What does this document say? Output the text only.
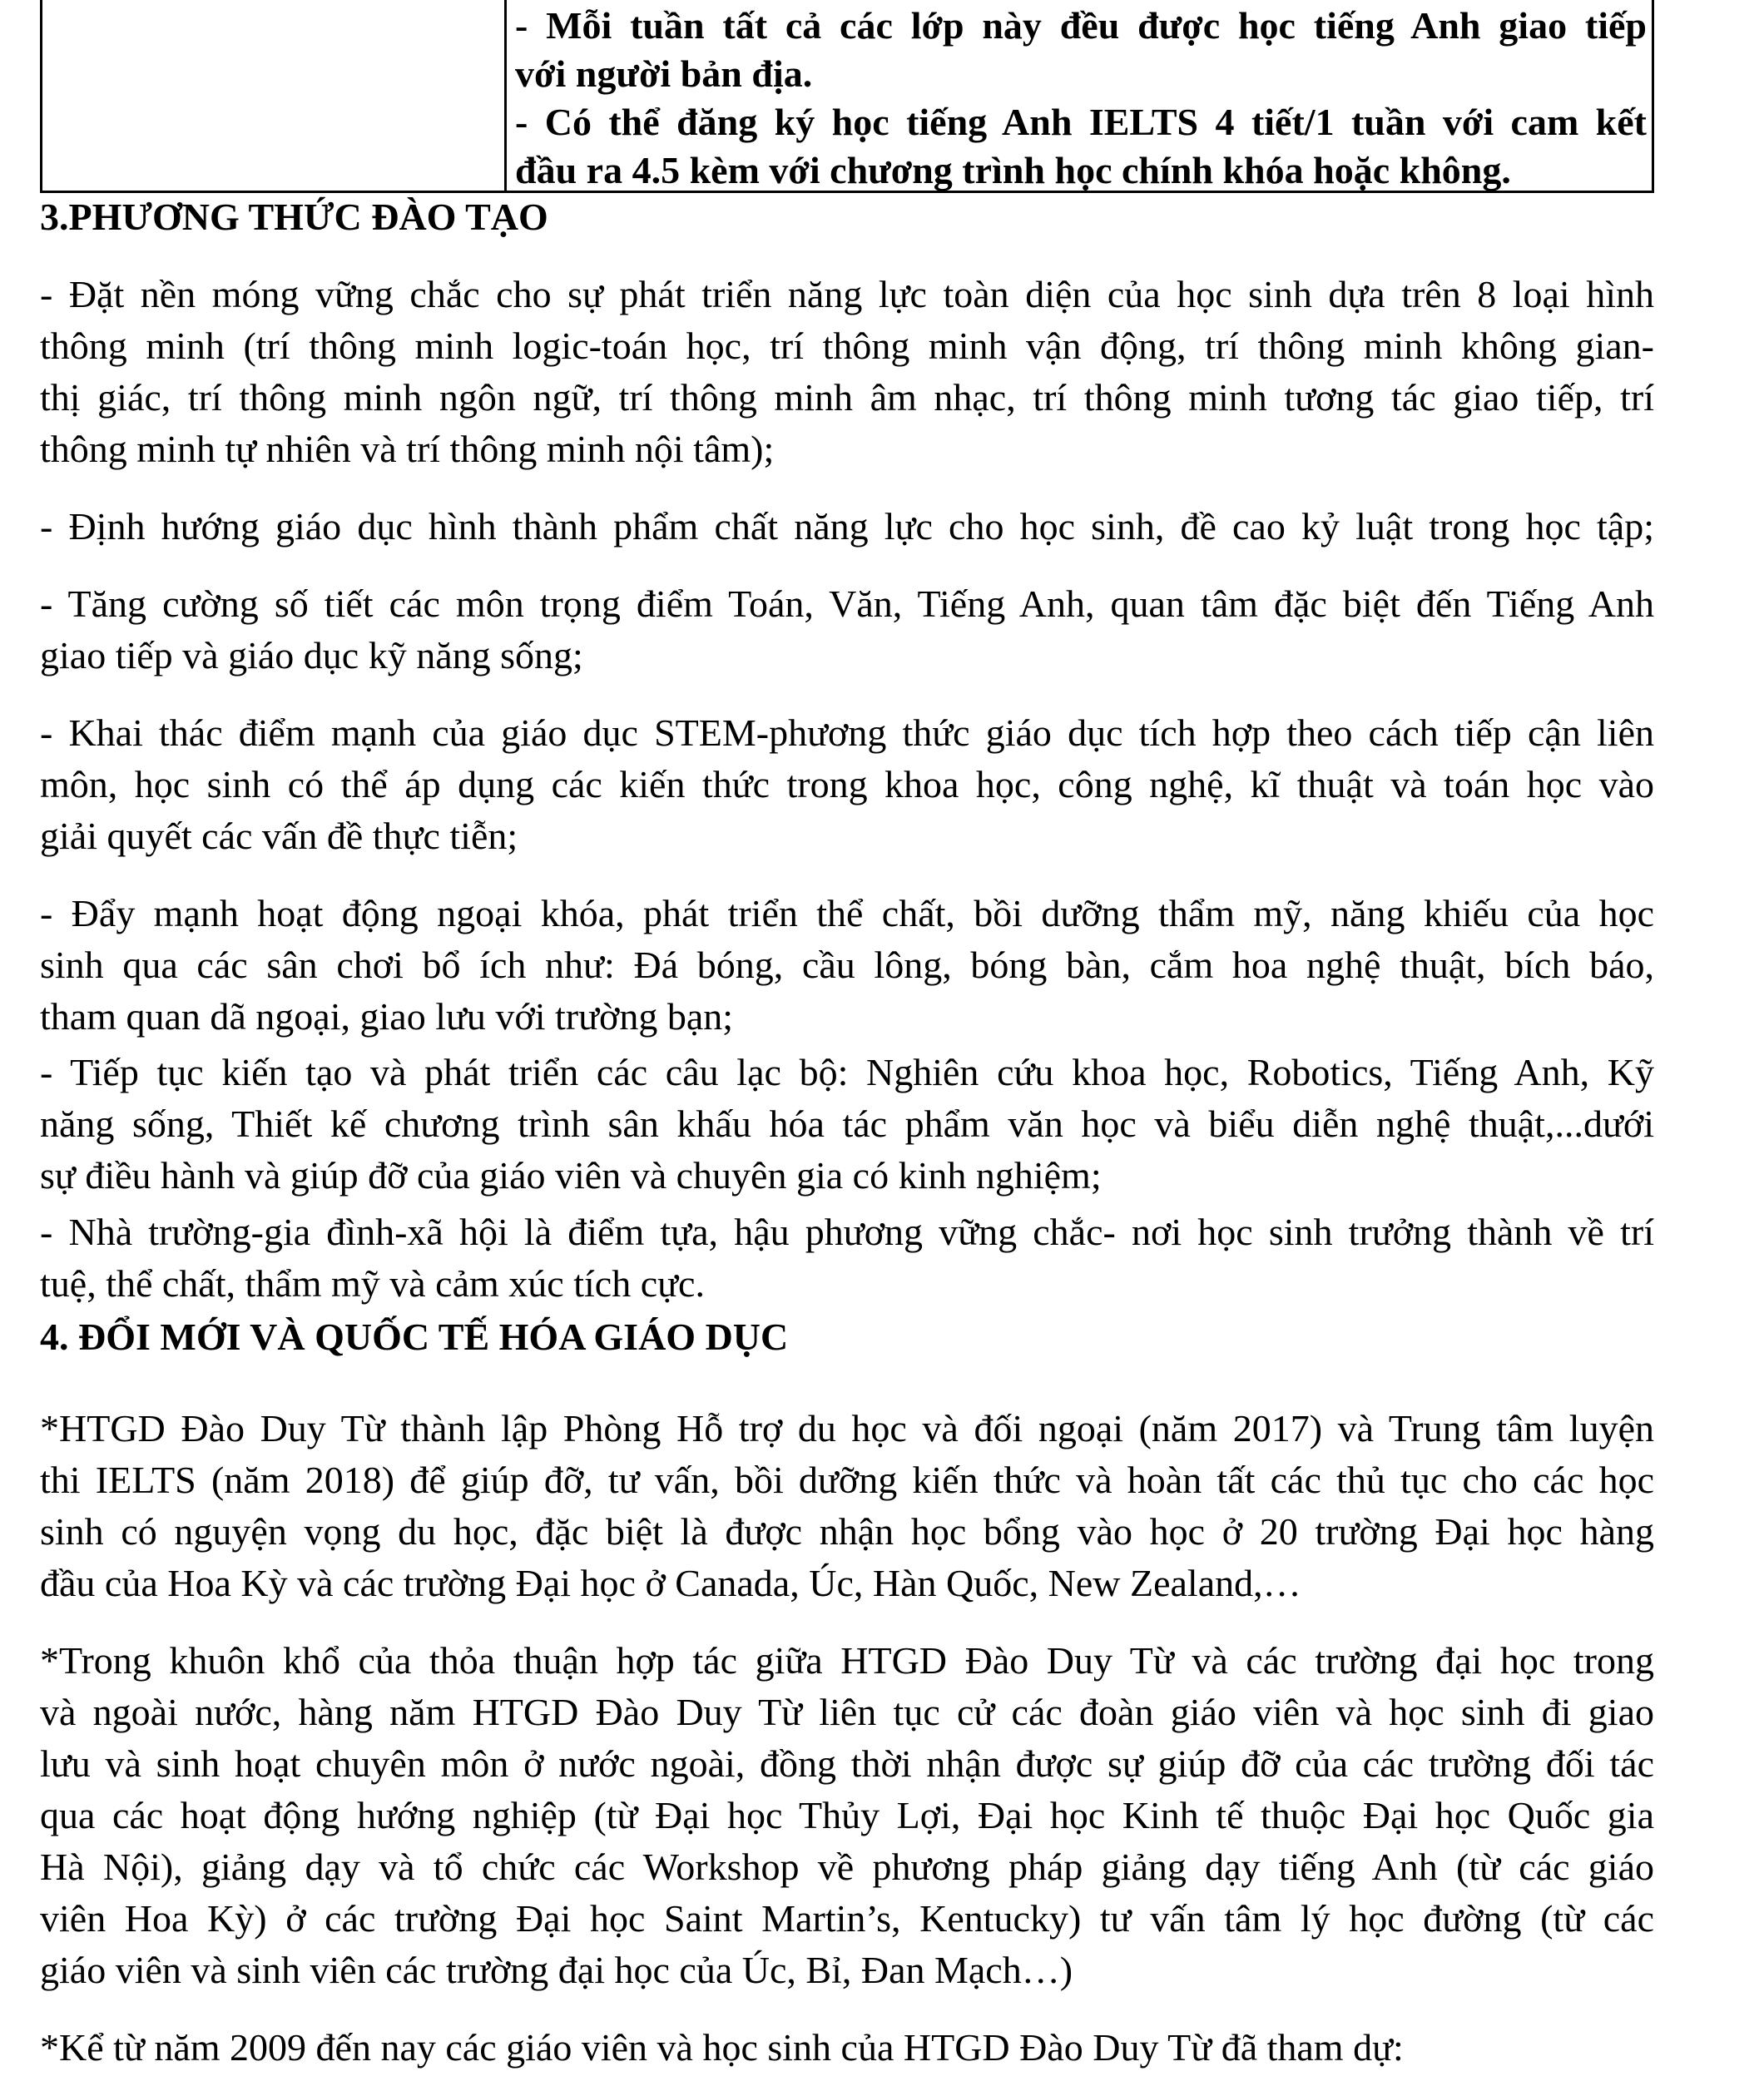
- Mỗi tuần tất cả các lớp này đều được học tiếng Anh giao tiếp
với người bản địa.
- Có thể đăng ký học tiếng Anh IELTS 4 tiết/1 tuần với cam kết
đầu ra 4.5 kèm với chương trình học chính khóa hoặc không.
3.PHƯƠNG THỨC ĐÀO TẠO
- Đặt nền móng vững chắc cho sự phát triển năng lực toàn diện của học sinh dựa trên 8 loại hình
thông minh (trí thông minh logic-toán học, trí thông minh vận động, trí thông minh không gian-
thị giác, trí thông minh ngôn ngữ, trí thông minh âm nhạc, trí thông minh tương tác giao tiếp, trí
thông minh tự nhiên và trí thông minh nội tâm);
- Định hướng giáo dục hình thành phẩm chất năng lực cho học sinh, đề cao kỷ luật trong học tập;
- Tăng cường số tiết các môn trọng điểm Toán, Văn, Tiếng Anh, quan tâm đặc biệt đến Tiếng Anh
giao tiếp và giáo dục kỹ năng sống;
- Khai thác điểm mạnh của giáo dục STEM-phương thức giáo dục tích hợp theo cách tiếp cận liên
môn, học sinh có thể áp dụng các kiến thức trong khoa học, công nghệ, kĩ thuật và toán học vào
giải quyết các vấn đề thực tiễn;
- Đẩy mạnh hoạt động ngoại khóa, phát triển thể chất, bồi dưỡng thẩm mỹ, năng khiếu của học
sinh qua các sân chơi bổ ích như: Đá bóng, cầu lông, bóng bàn, cắm hoa nghệ thuật, bích báo,
tham quan dã ngoại, giao lưu với trường bạn;
- Tiếp tục kiến tạo và phát triển các câu lạc bộ: Nghiên cứu khoa học, Robotics, Tiếng Anh, Kỹ
năng sống, Thiết kế chương trình sân khấu hóa tác phẩm văn học và biểu diễn nghệ thuật,...dưới
sự điều hành và giúp đỡ của giáo viên và chuyên gia có kinh nghiệm;
- Nhà trường-gia đình-xã hội là điểm tựa, hậu phương vững chắc- nơi học sinh trưởng thành về trí
tuệ, thể chất, thẩm mỹ và cảm xúc tích cực.
4. ĐỔI MỚI VÀ QUỐC TẾ HÓA GIÁO DỤC
*HTGD Đào Duy Từ thành lập Phòng Hỗ trợ du học và đối ngoại (năm 2017) và Trung tâm luyện
thi IELTS (năm 2018) để giúp đỡ, tư vấn, bồi dưỡng kiến thức và hoàn tất các thủ tục cho các học
sinh có nguyện vọng du học, đặc biệt là được nhận học bổng vào học ở 20 trường Đại học hàng
đầu của Hoa Kỳ và các trường Đại học ở Canada, Úc, Hàn Quốc, New Zealand,…
*Trong khuôn khổ của thỏa thuận hợp tác giữa HTGD Đào Duy Từ và các trường đại học trong
và ngoài nước, hàng năm HTGD Đào Duy Từ liên tục cử các đoàn giáo viên và học sinh đi giao
lưu và sinh hoạt chuyên môn ở nước ngoài, đồng thời nhận được sự giúp đỡ của các trường đối tác
qua các hoạt động hướng nghiệp (từ Đại học Thủy Lợi, Đại học Kinh tế thuộc Đại học Quốc gia
Hà Nội), giảng dạy và tổ chức các Workshop về phương pháp giảng dạy tiếng Anh (từ các giáo
viên Hoa Kỳ) ở các trường Đại học Saint Martin’s, Kentucky) tư vấn tâm lý học đường (từ các
giáo viên và sinh viên các trường đại học của Úc, Bỉ, Đan Mạch…)
*Kể từ năm 2009 đến nay các giáo viên và học sinh của HTGD Đào Duy Từ đã tham dự:
